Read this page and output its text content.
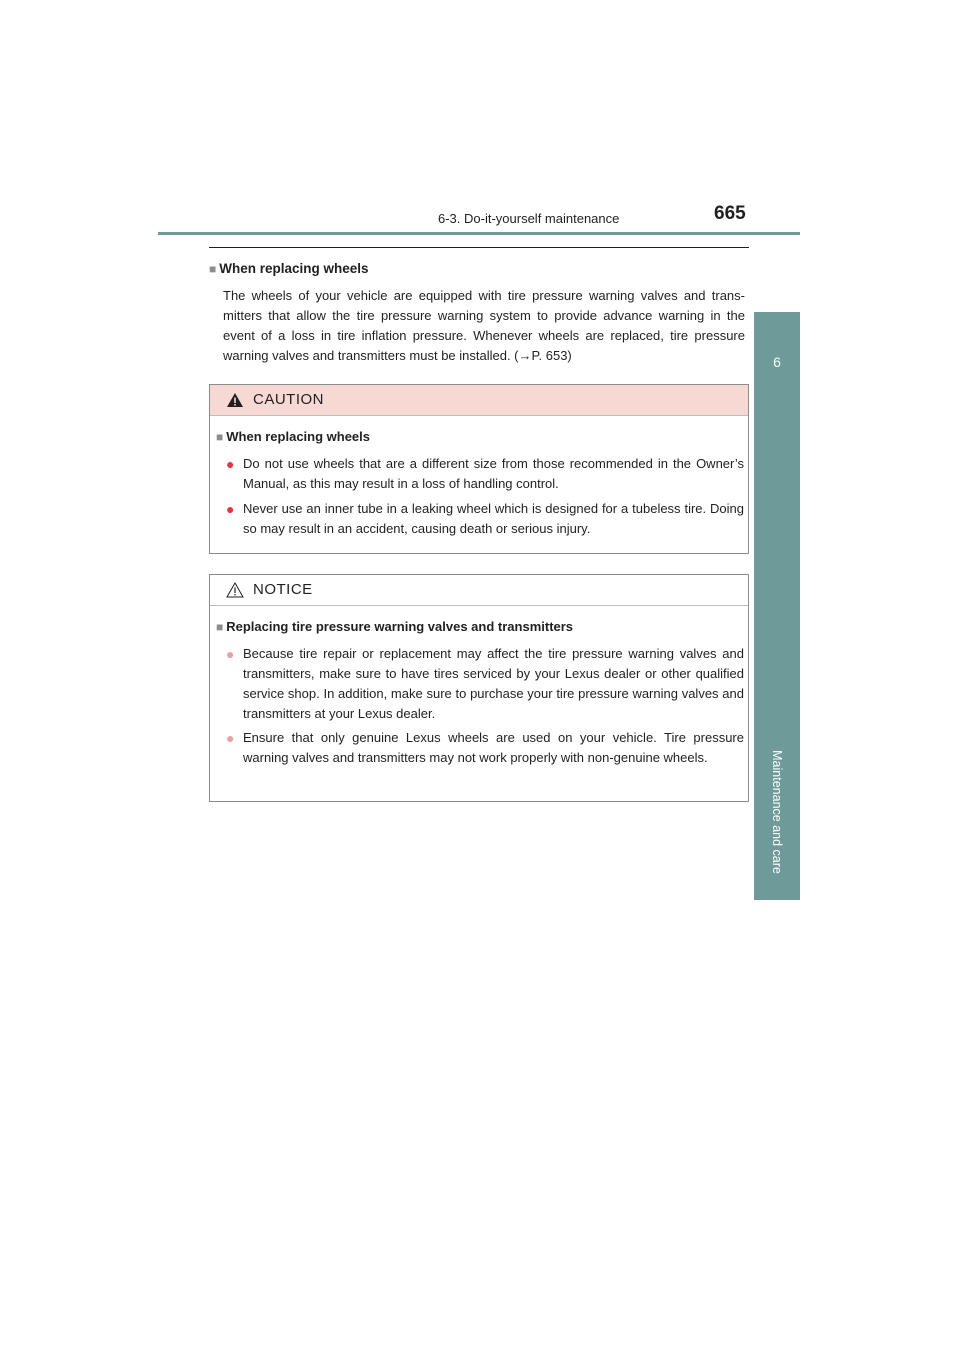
6-3. Do-it-yourself maintenance	665
6
Maintenance and care
■ When replacing wheels
The wheels of your vehicle are equipped with tire pressure warning valves and trans-mitters that allow the tire pressure warning system to provide advance warning in the event of a loss in tire inflation pressure. Whenever wheels are replaced, tire pressure warning valves and transmitters must be installed. (→P. 653)
CAUTION
■ When replacing wheels
● Do not use wheels that are a different size from those recommended in the Owner’s Manual, as this may result in a loss of handling control.
● Never use an inner tube in a leaking wheel which is designed for a tubeless tire. Doing so may result in an accident, causing death or serious injury.
NOTICE
■ Replacing tire pressure warning valves and transmitters
● Because tire repair or replacement may affect the tire pressure warning valves and transmitters, make sure to have tires serviced by your Lexus dealer or other qualified service shop. In addition, make sure to purchase your tire pressure warning valves and transmitters at your Lexus dealer.
● Ensure that only genuine Lexus wheels are used on your vehicle. Tire pressure warning valves and transmitters may not work properly with non-genuine wheels.
